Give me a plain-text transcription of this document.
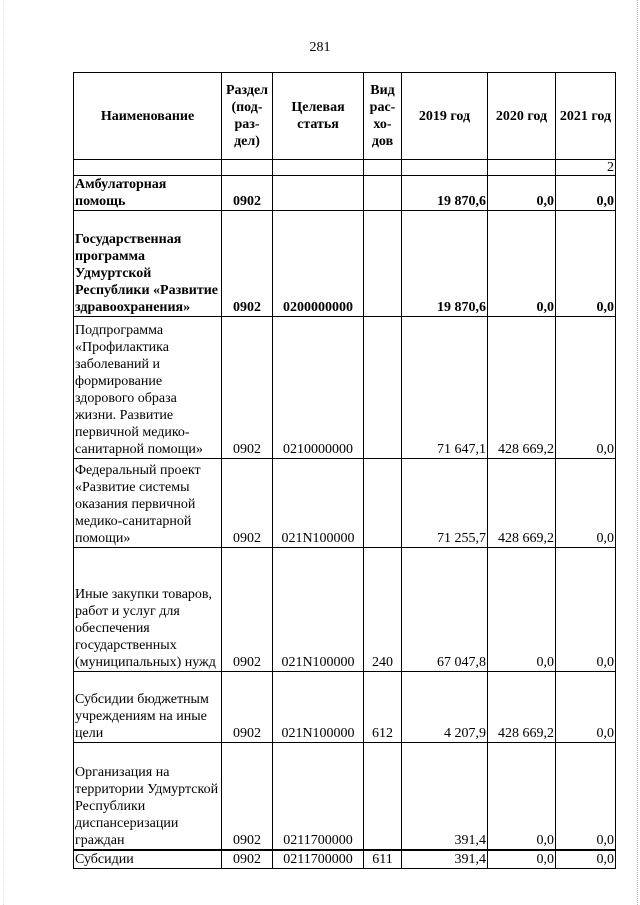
281
Наименование	Раздел (под-раз-дел)	Целевая статья	Вид рас-хо-дов	2019 год	2020 год	2021 год
						2
Амбулаторная помощь	0902			19 870,6	0,0	0,0
Государственная программа Удмуртской Республики «Развитие здравоохранения»	0902	0200000000		19 870,6	0,0	0,0
Подпрограмма «Профилактика заболеваний и формирование здорового образа жизни. Развитие первичной медико-санитарной помощи»	0902	0210000000		71 647,1	428 669,2	0,0
Федеральный проект «Развитие системы оказания первичной медико-санитарной помощи»	0902	021N100000		71 255,7	428 669,2	0,0
Иные закупки товаров, работ и услуг для обеспечения государственных (муниципальных) нужд	0902	021N100000	240	67 047,8	0,0	0,0
Субсидии бюджетным учреждениям на иные цели	0902	021N100000	612	4 207,9	428 669,2	0,0
Организация на территории Удмуртской Республики диспансеризации граждан	0902	0211700000		391,4	0,0	0,0
Субсидии	0902	0211700000	611	391,4	0,0	0,0
